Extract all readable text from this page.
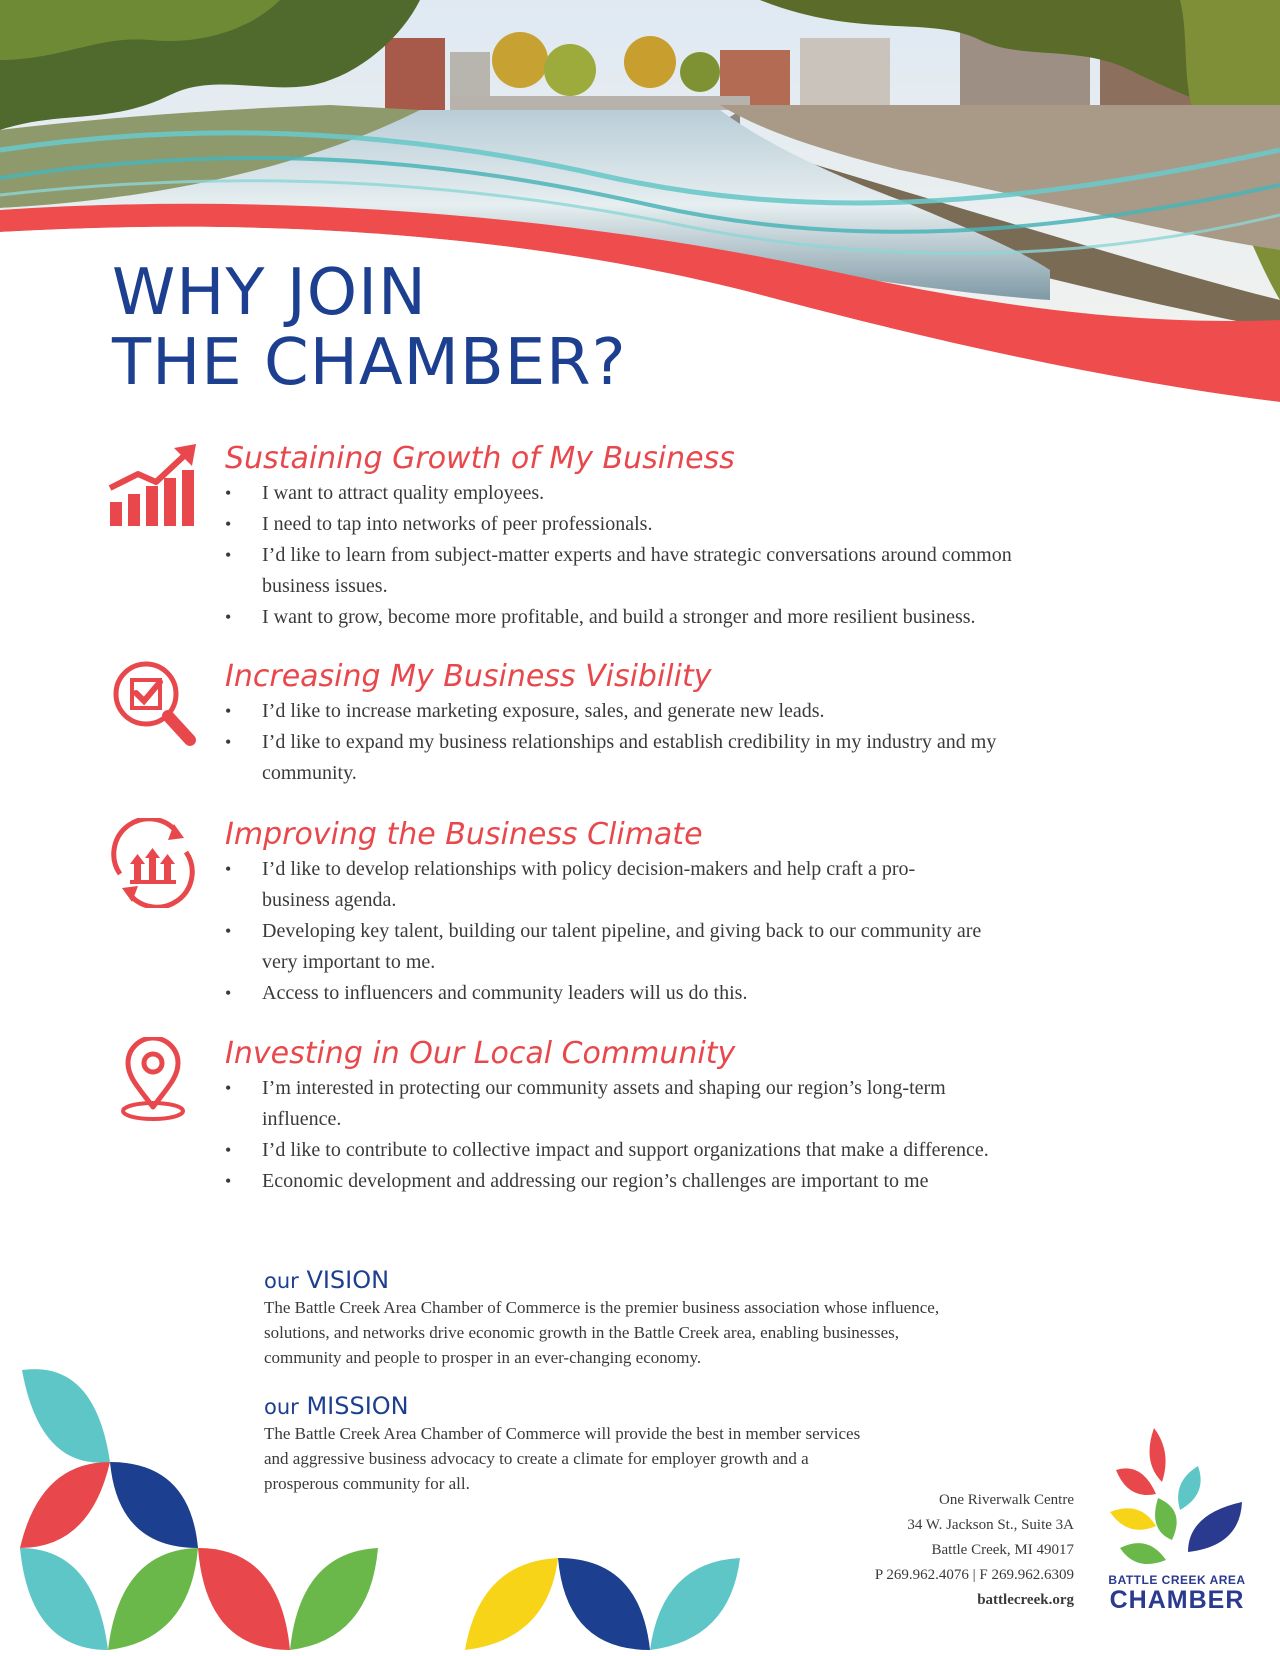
WHY JOIN
THE CHAMBER?
Sustaining Growth of My Business
• I want to attract quality employees.
• I need to tap into networks of peer professionals.
• I’d like to learn from subject-matter experts and have strategic conversations around common business issues.
• I want to grow, become more profitable, and build a stronger and more resilient business.
Increasing My Business Visibility
• I’d like to increase marketing exposure, sales, and generate new leads.
• I’d like to expand my business relationships and establish credibility in my industry and my community.
Improving the Business Climate
• I’d like to develop relationships with policy decision-makers and help craft a pro-business agenda.
• Developing key talent, building our talent pipeline, and giving back to our community are very important to me.
• Access to influencers and community leaders will us do this.
Investing in Our Local Community
• I’m interested in protecting our community assets and shaping our region’s long-term influence.
• I’d like to contribute to collective impact and support organizations that make a difference.
• Economic development and addressing our region’s challenges are important to me
our VISION

The Battle Creek Area Chamber of Commerce is the premier business association whose influence, solutions, and networks drive economic growth in the Battle Creek area, enabling businesses, community and people to prosper in an ever-changing economy.

our MISSION

The Battle Creek Area Chamber of Commerce will provide the best in member services and aggressive business advocacy to create a climate for employer growth and a prosperous community for all.

One Riverwalk Centre
34 W. Jackson St., Suite 3A
Battle Creek, MI 49017
P 269.962.4076 | F 269.962.6309
battlecreek.org
BATTLE CREEK AREA
CHAMBER
